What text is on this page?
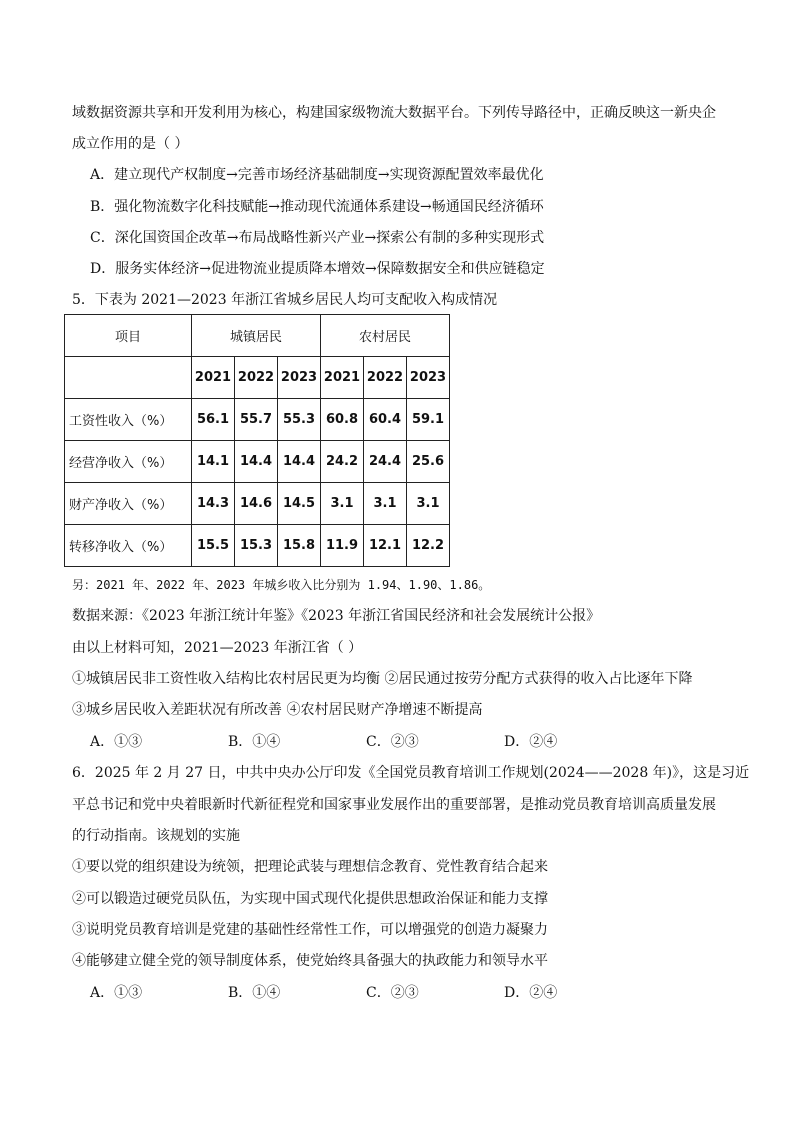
域数据资源共享和开发利用为核心，构建国家级物流大数据平台。下列传导路径中，正确反映这一新央企
成立作用的是（ ）
A．建立现代产权制度→完善市场经济基础制度→实现资源配置效率最优化
B．强化物流数字化科技赋能→推动现代流通体系建设→畅通国民经济循环
C．深化国资国企改革→布局战略性新兴产业→探索公有制的多种实现形式
D．服务实体经济→促进物流业提质降本增效→保障数据安全和供应链稳定
5．下表为 2021—2023 年浙江省城乡居民人均可支配收入构成情况
项目	城镇居民			农村居民		
	2021	2022	2023	2021	2022	2023
工资性收入（%）	56.1	55.7	55.3	60.8	60.4	59.1
经营净收入（%）	14.1	14.4	14.4	24.2	24.4	25.6
财产净收入（%）	14.3	14.6	14.5	3.1	3.1	3.1
转移净收入（%）	15.5	15.3	15.8	11.9	12.1	12.2
另：2021 年、2022 年、2023 年城乡收入比分别为 1.94、1.90、1.86。
数据来源：《2023 年浙江统计年鉴》《2023 年浙江省国民经济和社会发展统计公报》
由以上材料可知，2021—2023 年浙江省（ ）
①城镇居民非工资性收入结构比农村居民更为均衡 ②居民通过按劳分配方式获得的收入占比逐年下降
③城乡居民收入差距状况有所改善 ④农村居民财产净增速不断提高
A．①③	B．①④	C．②③	D．②④
6．2025 年 2 月 27 日，中共中央办公厅印发《全国党员教育培训工作规划(2024——2028 年)》，这是习近
平总书记和党中央着眼新时代新征程党和国家事业发展作出的重要部署，是推动党员教育培训高质量发展
的行动指南。该规划的实施
①要以党的组织建设为统领，把理论武装与理想信念教育、党性教育结合起来
②可以锻造过硬党员队伍，为实现中国式现代化提供思想政治保证和能力支撑
③说明党员教育培训是党建的基础性经常性工作，可以增强党的创造力凝聚力
④能够建立健全党的领导制度体系，使党始终具备强大的执政能力和领导水平
A．①③	B．①④	C．②③	D．②④
